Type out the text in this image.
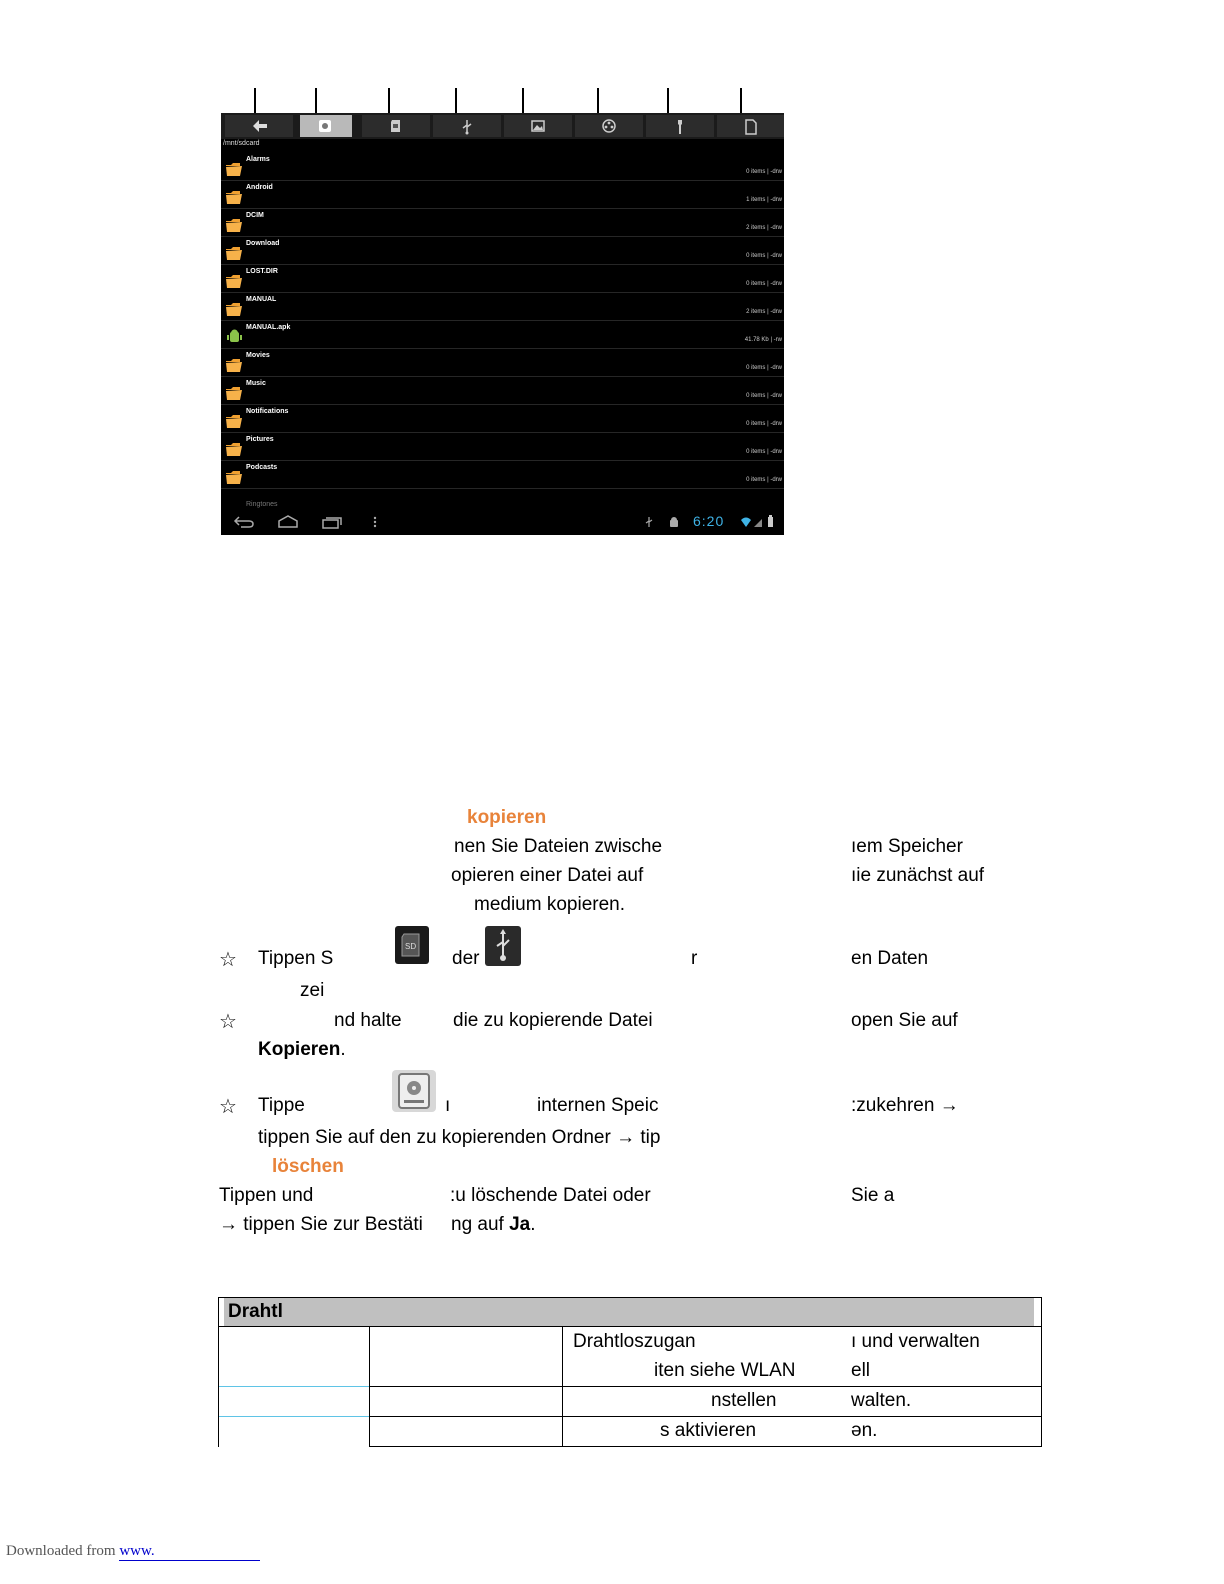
/mnt/sdcard
Alarms
0 items | -drw
Android
1 items | -drw
DCIM
2 items | -drw
Download
0 items | -drw
LOST.DIR
0 items | -drw
MANUAL
2 items | -drw
MANUAL.apk
41.78 Kb | -rw
Movies
0 items | -drw
Music
0 items | -drw
Notifications
0 items | -drw
Pictures
0 items | -drw
Podcasts
0 items | -drw
Ringtones
6:20
kopieren
nen Sie Dateien zwische	ıem Speicher
opieren einer Datei auf	ıie zunächst auf
medium kopieren.
☆ Tippen S
SD
der	r	en Daten
zei
☆	nd halte	die zu kopierende Datei	open Sie auf
Kopieren.
☆ Tippe	ı	internen Speic	:zukehren →
tippen Sie auf den zu kopierenden Ordner → tip
löschen
Tippen und	:u löschende Datei oder	Sie a
→ tippen Sie zur Bestäti ng auf Ja.
Drahtl
Drahtloszugan	ı und verwalten
iten siehe WLAN	ell
nstellen	walten.
s aktivieren	ən.
Downloaded from www.
